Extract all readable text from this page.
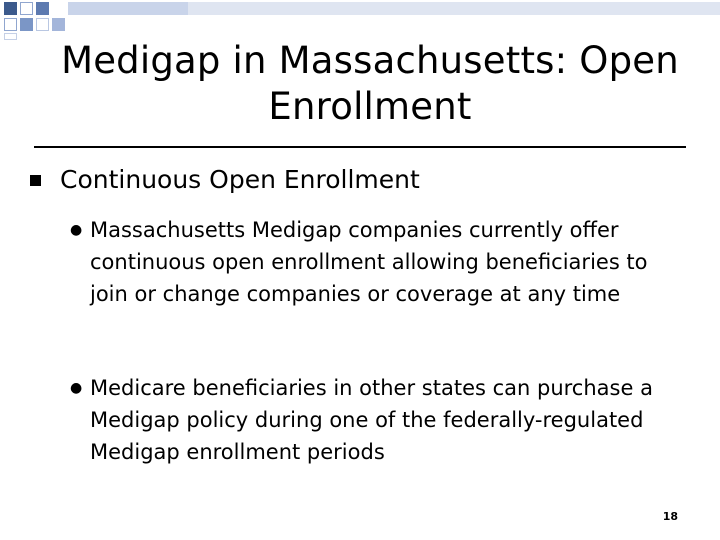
Medigap in Massachusetts: Open Enrollment
Continuous Open Enrollment
● Massachusetts Medigap companies currently offer continuous open enrollment allowing beneficiaries to join or change companies or coverage at any time
● Medicare beneficiaries in other states can purchase a Medigap policy during one of the federally-regulated Medigap enrollment periods
18
